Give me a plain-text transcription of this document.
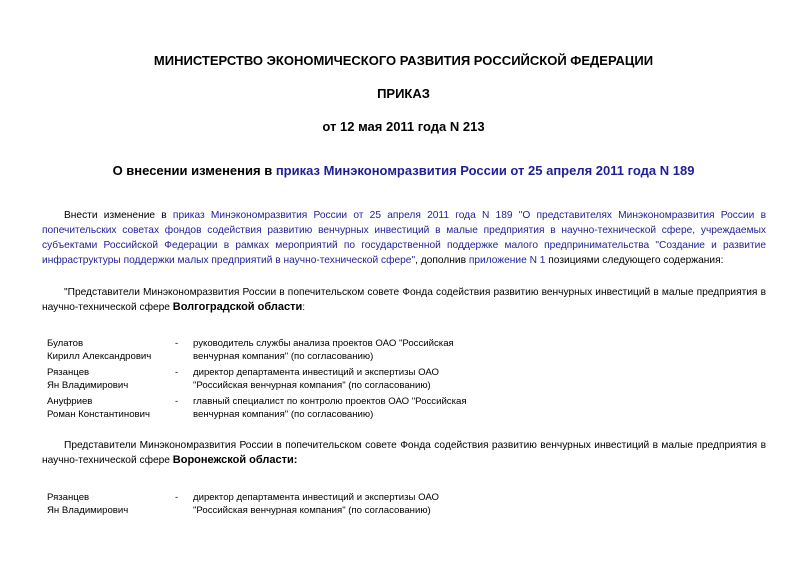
МИНИСТЕРСТВО ЭКОНОМИЧЕСКОГО РАЗВИТИЯ РОССИЙСКОЙ ФЕДЕРАЦИИ
ПРИКАЗ
от 12 мая 2011 года N 213
О внесении изменения в приказ Минэкономразвития России от 25 апреля 2011 года N 189
Внести изменение в приказ Минэкономразвития России от 25 апреля 2011 года N 189 "О представителях Минэкономразвития России в попечительских советах фондов содействия развитию венчурных инвестиций в малые предприятия в научно-технической сфере, учреждаемых субъектами Российской Федерации в рамках мероприятий по государственной поддержке малого предпринимательства "Создание и развитие инфраструктуры поддержки малых предприятий в научно-технической сфере", дополнив приложение N 1 позициями следующего содержания:
"Представители Минэкономразвития России в попечительском совете Фонда содействия развитию венчурных инвестиций в малые предприятия в научно-технической сфере Волгоградской области:
Булатов
Кирилл Александрович
- руководитель службы анализа проектов ОАО "Российская
венчурная компания" (по согласованию)
Рязанцев
Ян Владимирович
- директор департамента инвестиций и экспертизы ОАО
"Российская венчурная компания" (по согласованию)
Ануфриев
Роман Константинович
- главный специалист по контролю проектов ОАО "Российская
венчурная компания" (по согласованию)
Представители Минэкономразвития России в попечительском совете Фонда содействия развитию венчурных инвестиций в малые предприятия в научно-технической сфере Воронежской области:
Рязанцев
Ян Владимирович
- директор департамента инвестиций и экспертизы ОАО
"Российская венчурная компания" (по согласованию)
